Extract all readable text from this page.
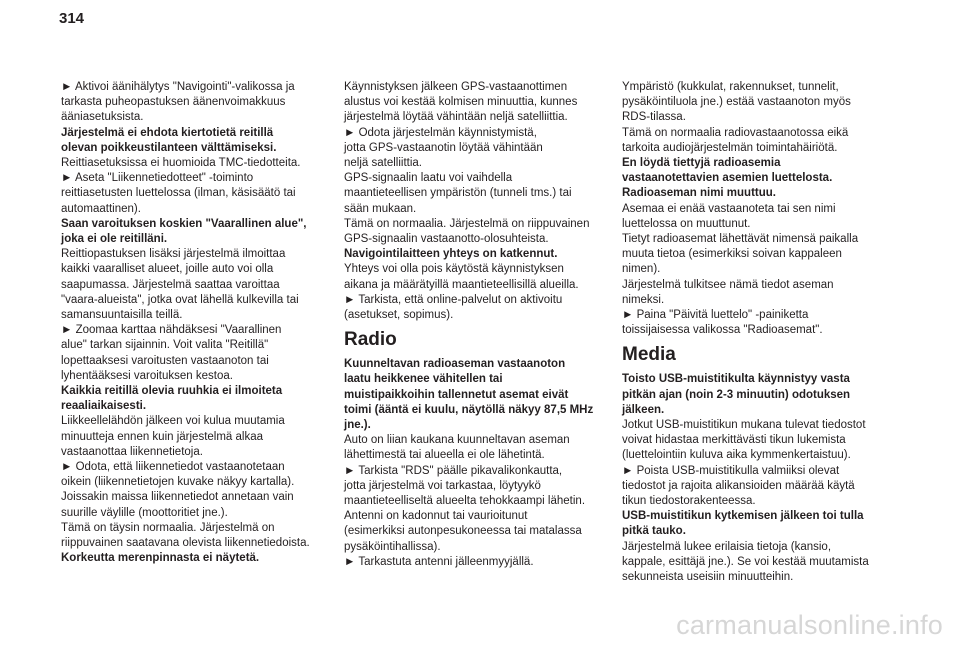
314
► Aktivoi äänihälytys "Navigointi"-valikossa ja
tarkasta puheopastuksen äänenvoimakkuus
ääniasetuksista.
Järjestelmä ei ehdota kiertotietä reitillä
olevan poikkeustilanteen välttämiseksi.
Reittiasetuksissa ei huomioida TMC-tiedotteita.
► Aseta "Liikennetiedotteet" -toiminto
reittiasetusten luettelossa (ilman, käsisäätö tai
automaattinen).
Saan varoituksen koskien "Vaarallinen alue",
joka ei ole reitilläni.
Reittiopastuksen lisäksi järjestelmä ilmoittaa
kaikki vaaralliset alueet, joille auto voi olla
saapumassa. Järjestelmä saattaa varoittaa
"vaara-alueista", jotka ovat lähellä kulkevilla tai
samansuuntaisilla teillä.
► Zoomaa karttaa nähdäksesi "Vaarallinen
alue" tarkan sijainnin. Voit valita "Reitillä"
lopettaaksesi varoitusten vastaanoton tai
lyhentääksesi varoituksen kestoa.
Kaikkia reitillä olevia ruuhkia ei ilmoiteta
reaaliaikaisesti.
Liikkeellelähdön jälkeen voi kulua muutamia
minuutteja ennen kuin järjestelmä alkaa
vastaanottaa liikennetietoja.
► Odota, että liikennetiedot vastaanotetaan
oikein (liikennetietojen kuvake näkyy kartalla).
Joissakin maissa liikennetiedot annetaan vain
suurille väylille (moottoritiet jne.).
Tämä on täysin normaalia. Järjestelmä on
riippuvainen saatavana olevista liikennetiedoista.
Korkeutta merenpinnasta ei näytetä.
Käynnistyksen jälkeen GPS-vastaanottimen
alustus voi kestää kolmisen minuuttia, kunnes
järjestelmä löytää vähintään neljä satelliittia.
► Odota järjestelmän käynnistymistä,
jotta GPS-vastaanotin löytää vähintään
neljä satelliittia.
GPS-signaalin laatu voi vaihdella
maantieteellisen ympäristön (tunneli tms.) tai
sään mukaan.
Tämä on normaalia. Järjestelmä on riippuvainen
GPS-signaalin vastaanotto-olosuhteista.
Navigointilaitteen yhteys on katkennut.
Yhteys voi olla pois käytöstä käynnistyksen
aikana ja määrätyillä maantieteellisillä alueilla.
► Tarkista, että online-palvelut on aktivoitu
(asetukset, sopimus).
Radio
Kuunneltavan radioaseman vastaanoton
laatu heikkenee vähitellen tai
muistipaikkoihin tallennetut asemat eivät
toimi (ääntä ei kuulu, näytöllä näkyy 87,5 MHz
jne.).
Auto on liian kaukana kuunneltavan aseman
lähettimestä tai alueella ei ole lähetintä.
► Tarkista "RDS" päälle pikavalikonkautta,
jotta järjestelmä voi tarkastaa, löytyykö
maantieteelliseltä alueelta tehokkaampi lähetin.
Antenni on kadonnut tai vaurioitunut
(esimerkiksi autonpesukoneessa tai matalassa
pysäköintihallissa).
► Tarkastuta antenni jälleenmyyjällä.
Ympäristö (kukkulat, rakennukset, tunnelit,
pysäköintiluola jne.) estää vastaanoton myös
RDS-tilassa.
Tämä on normaalia radiovastaanotossa eikä
tarkoita audiojärjestelmän toimintahäiriötä.
En löydä tiettyjä radioasemia
vastaanotettavien asemien luettelosta.
Radioaseman nimi muuttuu.
Asemaa ei enää vastaanoteta tai sen nimi
luettelossa on muuttunut.
Tietyt radioasemat lähettävät nimensä paikalla
muuta tietoa (esimerkiksi soivan kappaleen
nimen).
Järjestelmä tulkitsee nämä tiedot aseman
nimeksi.
► Paina "Päivitä luettelo" -painiketta
toissijaisessa valikossa "Radioasemat".
Media
Toisto USB-muistitikulta käynnistyy vasta
pitkän ajan (noin 2-3 minuutin) odotuksen
jälkeen.
Jotkut USB-muistitikun mukana tulevat tiedostot
voivat hidastaa merkittävästi tikun lukemista
(luettelointiin kuluva aika kymmenkertaistuu).
► Poista USB-muistitikulla valmiiksi olevat
tiedostot ja rajoita alikansioiden määrää käytä
tikun tiedostorakenteessa.
USB-muistitikun kytkemisen jälkeen toi tulla
pitkä tauko.
Järjestelmä lukee erilaisia tietoja (kansio,
kappale, esittäjä jne.). Se voi kestää muutamista
sekunneista useisiin minuutteihin.
carmanualsonline.info
